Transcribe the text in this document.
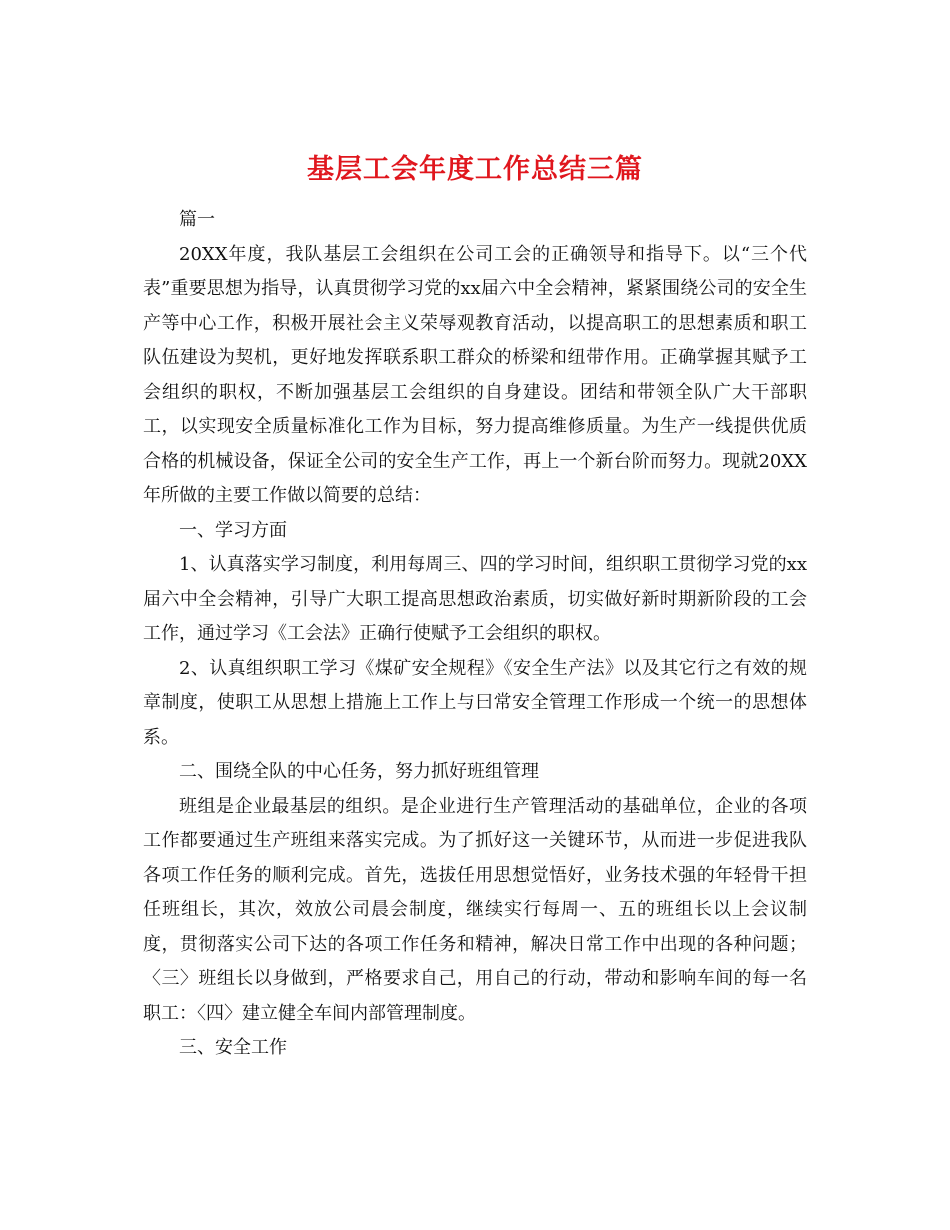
基层工会年度工作总结三篇

篇一

20XX年度，我队基层工会组织在公司工会的正确领导和指导下。以“三个代表”重要思想为指导，认真贯彻学习党的xx届六中全会精神，紧紧围绕公司的安全生产等中心工作，积极开展社会主义荣辱观教育活动，以提高职工的思想素质和职工队伍建设为契机，更好地发挥联系职工群众的桥梁和纽带作用。正确掌握其赋予工会组织的职权，不断加强基层工会组织的自身建设。团结和带领全队广大干部职工，以实现安全质量标准化工作为目标，努力提高维修质量。为生产一线提供优质合格的机械设备，保证全公司的安全生产工作，再上一个新台阶而努力。现就20XX年所做的主要工作做以简要的总结：

一、学习方面

1、认真落实学习制度，利用每周三、四的学习时间，组织职工贯彻学习党的xx届六中全会精神，引导广大职工提高思想政治素质，切实做好新时期新阶段的工会工作，通过学习《工会法》正确行使赋予工会组织的职权。

2、认真组织职工学习《煤矿安全规程》《安全生产法》以及其它行之有效的规章制度，使职工从思想上措施上工作上与曰常安全管理工作形成一个统一的思想体系。

二、围绕全队的中心任务，努力抓好班组管理

班组是企业最基层的组织。是企业进行生产管理活动的基础单位，企业的各项工作都要通过生产班组来落实完成。为了抓好这一关键环节，从而进一步促进我队各项工作任务的顺利完成。首先，选拔任用思想觉悟好，业务技术强的年轻骨干担任班组长，其次，效放公司晨会制度，继续实行每周一、五的班组长以上会议制度，贯彻落实公司下达的各项工作任务和精神，解决日常工作中出现的各种问题；〈三〉班组长以身做到，严格要求自己，用自己的行动，带动和影响车间的每一名职工：〈四〉建立健全车间内部管理制度。

三、安全工作
